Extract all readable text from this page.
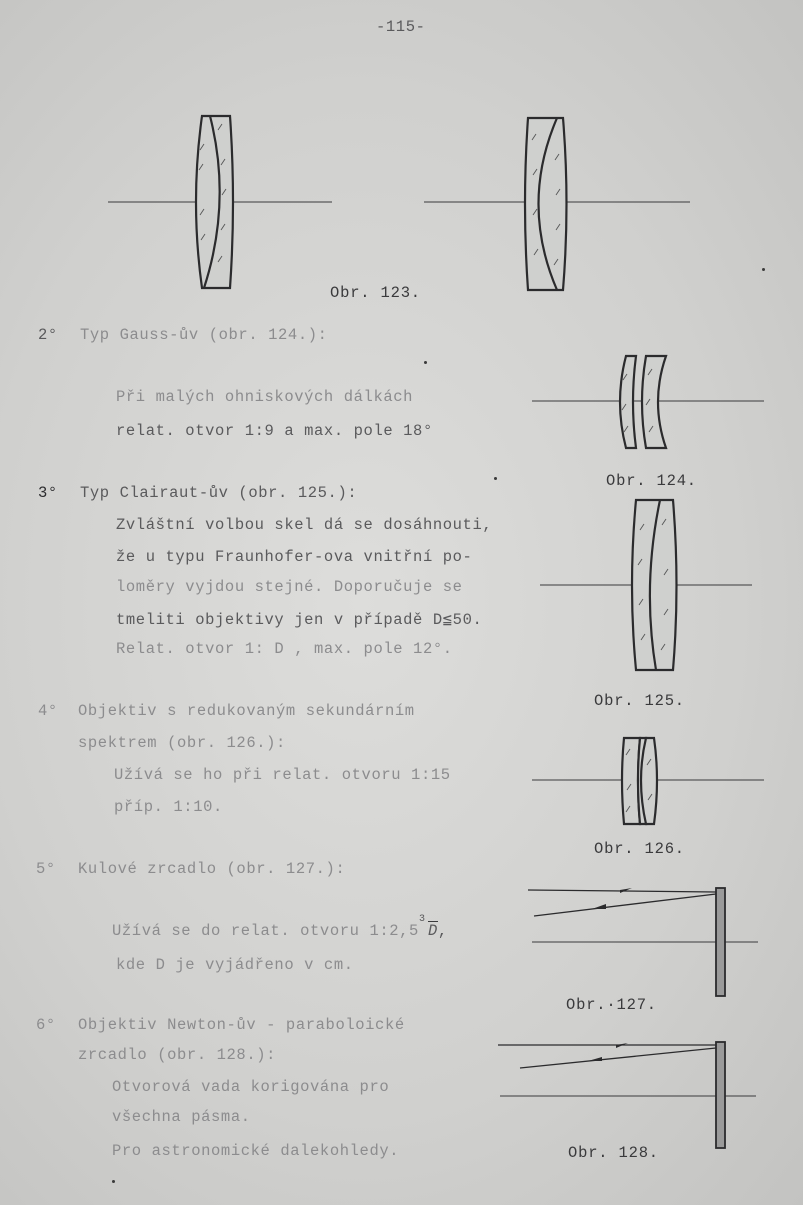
-115-
Obr. 123.
2° Typ Gauss-ův (obr. 124.):
Při malých ohniskových dálkách
relat. otvor 1:9 a max. pole 18°
Obr. 124.
3° Typ Clairaut-ův (obr. 125.):
Zvláštní volbou skel dá se dosáhnouti,
že u typu Fraunhofer-ova vnitřní po-
loměry vyjdou stejné. Doporučuje se
tmeliti objektivy jen v případě D≦50.
Relat. otvor 1: D , max. pole 12°.
Obr. 125.
4° Objektiv s redukovaným sekundárním
spektrem (obr. 126.):
Užívá se ho při relat. otvoru 1:15
příp. 1:10.
Obr. 126.
5° Kulové zrcadlo (obr. 127.):
Užívá se do relat. otvoru 1:2,5
3
D,
kde D je vyjádřeno v cm.
Obr.·127.
6° Objektiv Newton-ův - paraboloické
zrcadlo (obr. 128.):
Otvorová vada korigována pro
všechna pásma.
Pro astronomické dalekohledy.	Obr. 128.
